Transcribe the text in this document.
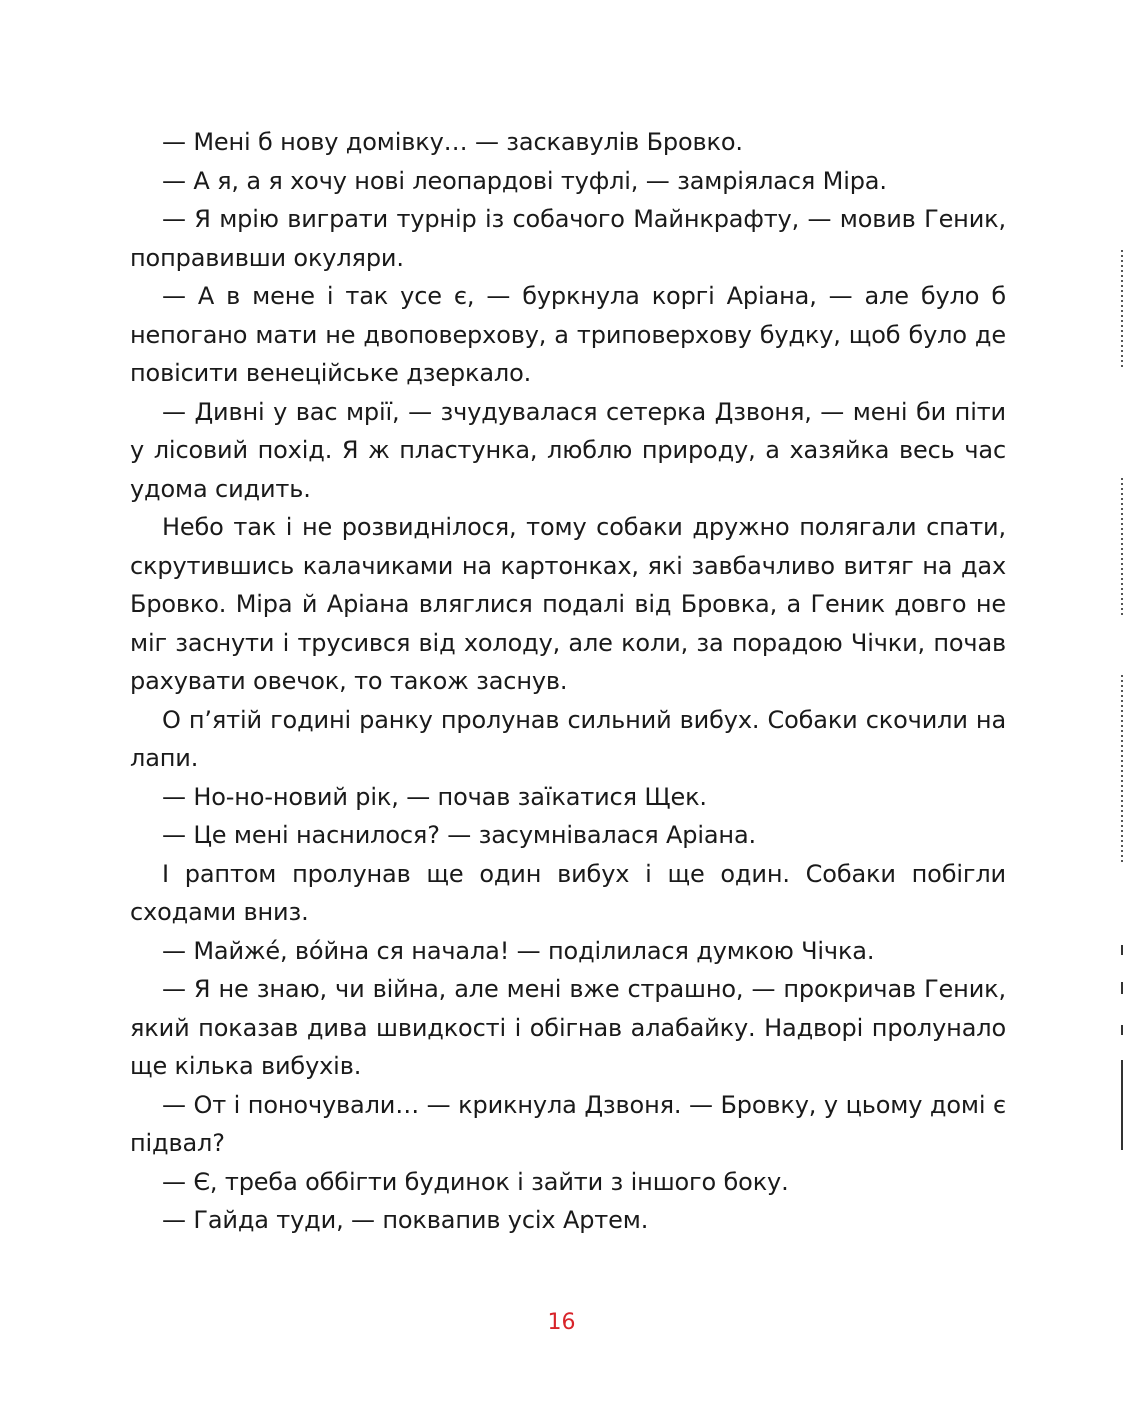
— Мені б нову домівку… — заскавулів Бровко.

— А я, а я хочу нові леопардові туфлі, — замріялася Міра.

— Я мрію виграти турнір із собачого Майнкрафту, — мовив Геник, поправивши окуляри.

— А в мене і так усе є, — буркнула коргі Аріана, — але було б непогано мати не двоповерхову, а триповерхову будку, щоб було де повісити венеційське дзеркало.

— Дивні у вас мрії, — зчудувалася сетерка Дзвоня, — мені би піти у лісовий похід. Я ж пластунка, люблю природу, а хазяйка весь час удома сидить.

Небо так і не розвиднілося, тому собаки дружно полягали спати, скрутившись калачиками на картонках, які завбачливо витяг на дах Бровко. Міра й Аріана вляглися подалі від Бровка, а Геник довго не міг заснути і трусився від холоду, але коли, за порадою Чічки, почав рахувати овечок, то також заснув.

О п’ятій годині ранку пролунав сильний вибух. Собаки скочили на лапи.

— Но-но-новий рік, — почав заїкатися Щек.

— Це мені наснилося? — засумнівалася Аріана.

І раптом пролунав ще один вибух і ще один. Собаки побігли сходами вниз.

— Майже́, во́йна ся начала! — поділилася думкою Чічка.

— Я не знаю, чи війна, але мені вже страшно, — прокричав Геник, який показав дива швидкості і обігнав алабайку. Надворі пролунало ще кілька вибухів.

— От і поночували… — крикнула Дзвоня. — Бровку, у цьому домі є підвал?

— Є, треба оббігти будинок і зайти з іншого боку.

— Гайда туди, — поквапив усіх Артем.

16
